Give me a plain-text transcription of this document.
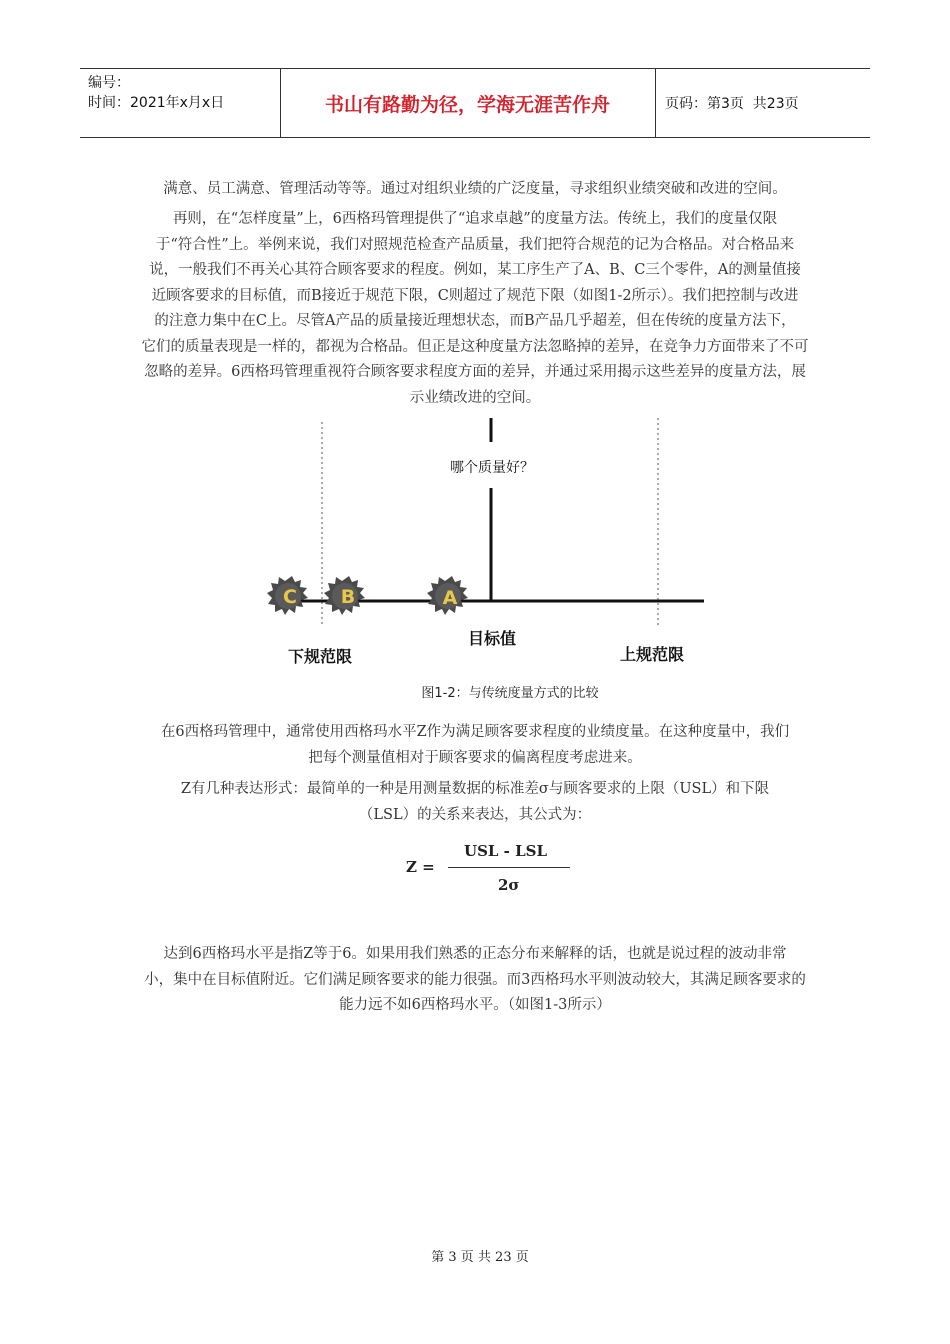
编号：
时间：2021年x月x日	书山有路勤为径，学海无涯苦作舟	页码：第3页  共23页
满意、员工满意、管理活动等等。通过对组织业绩的广泛度量，寻求组织业绩突破和改进的空间。
再则，在“怎样度量”上，6西格玛管理提供了“追求卓越”的度量方法。传统上，我们的度量仅限
于“符合性”上。举例来说，我们对照规范检查产品质量，我们把符合规范的记为合格品。对合格品来
说，一般我们不再关心其符合顾客要求的程度。例如，某工序生产了A、B、C三个零件，A的测量值接
近顾客要求的目标值，而B接近于规范下限，C则超过了规范下限（如图1-2所示）。我们把控制与改进
的注意力集中在C上。尽管A产品的质量接近理想状态，而B产品几乎超差，但在传统的度量方法下，
它们的质量表现是一样的，都视为合格品。但正是这种度量方法忽略掉的差异，在竞争力方面带来了不可
忽略的差异。6西格玛管理重视符合顾客要求程度方面的差异，并通过采用揭示这些差异的度量方法，展
示业绩改进的空间。
哪个质量好？
C B	A
目标值
下规范限	上规范限
图1-2：与传统度量方式的比较
在6西格玛管理中，通常使用西格玛水平Z作为满足顾客要求程度的业绩度量。在这种度量中，我们
把每个测量值相对于顾客要求的偏离程度考虑进来。
Z有几种表达形式：最简单的一种是用测量数据的标准差σ与顾客要求的上限（USL）和下限
（LSL）的关系来表达，其公式为：
Z =
USL - LSL
2σ
达到6西格玛水平是指Z等于6。如果用我们熟悉的正态分布来解释的话，也就是说过程的波动非常
小，集中在目标值附近。它们满足顾客要求的能力很强。而3西格玛水平则波动较大，其满足顾客要求的
能力远不如6西格玛水平。（如图1-3所示）
第 3 页 共 23 页
